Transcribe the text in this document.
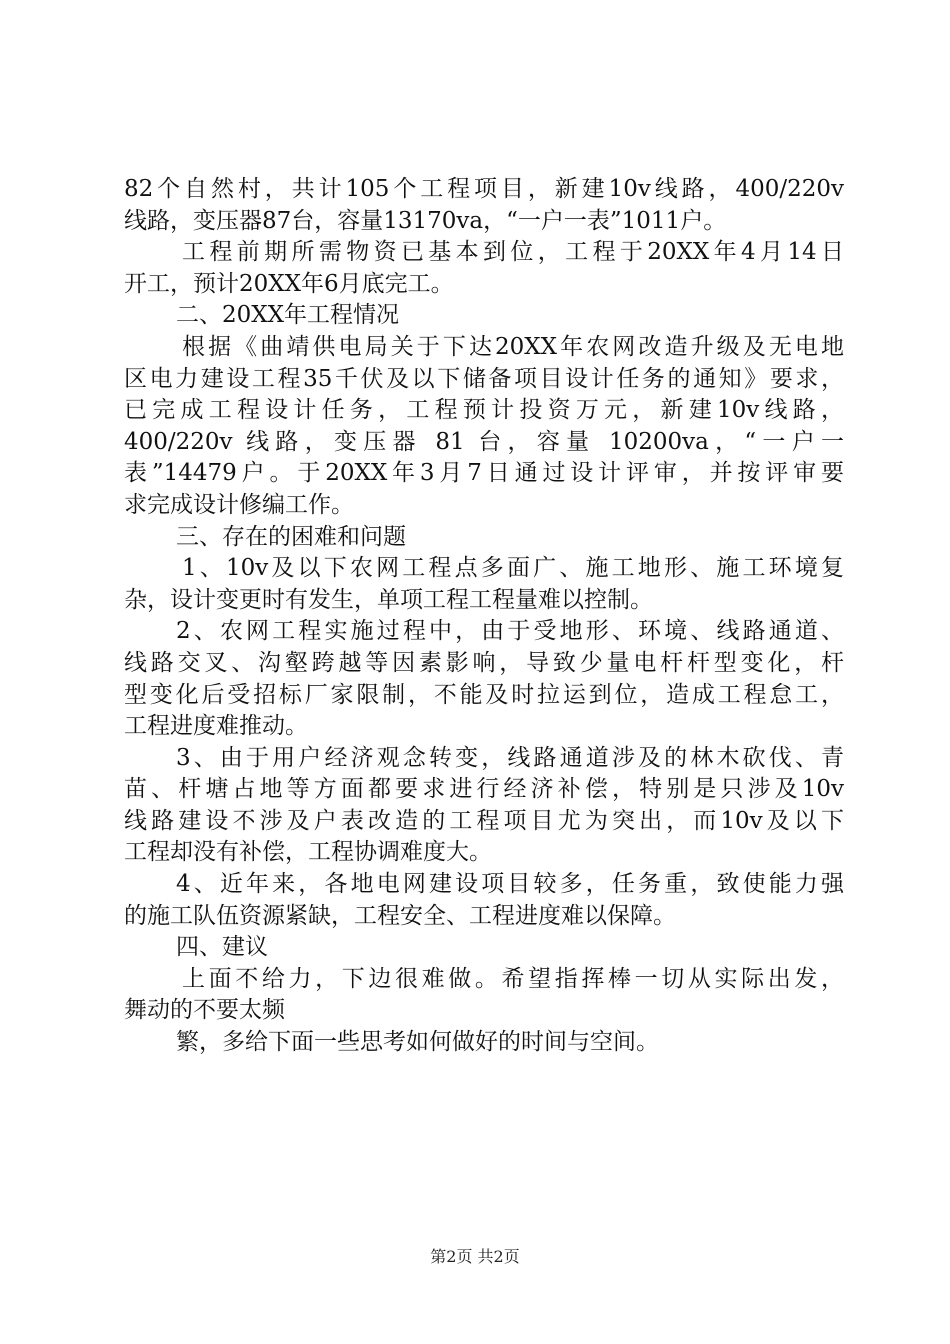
82个自然村，共计105个工程项目，新建10v线路，400/220v
线路，变压器87台，容量13170va，“一户一表”1011户。
工程前期所需物资已基本到位，工程于20XX年4月14日
开工，预计20XX年6月底完工。
二、20XX年工程情况
根据《曲靖供电局关于下达20XX年农网改造升级及无电地
区电力建设工程35千伏及以下储备项目设计任务的通知》要求，
已完成工程设计任务，工程预计投资万元，新建10v线路，
400/220v 线路，变压器 81 台，容量 10200va，“一户一
表”14479户。于20XX年3月7日通过设计评审，并按评审要
求完成设计修编工作。
三、存在的困难和问题
1、10v及以下农网工程点多面广、施工地形、施工环境复
杂，设计变更时有发生，单项工程工程量难以控制。
2、农网工程实施过程中，由于受地形、环境、线路通道、
线路交叉、沟壑跨越等因素影响，导致少量电杆杆型变化，杆
型变化后受招标厂家限制，不能及时拉运到位，造成工程怠工，
工程进度难推动。
3、由于用户经济观念转变，线路通道涉及的林木砍伐、青
苗、杆塘占地等方面都要求进行经济补偿，特别是只涉及10v
线路建设不涉及户表改造的工程项目尤为突出，而10v及以下
工程却没有补偿，工程协调难度大。
4、近年来，各地电网建设项目较多，任务重，致使能力强
的施工队伍资源紧缺，工程安全、工程进度难以保障。
四、建议
上面不给力，下边很难做。希望指挥棒一切从实际出发，
舞动的不要太频
繁，多给下面一些思考如何做好的时间与空间。
第2页 共2页
